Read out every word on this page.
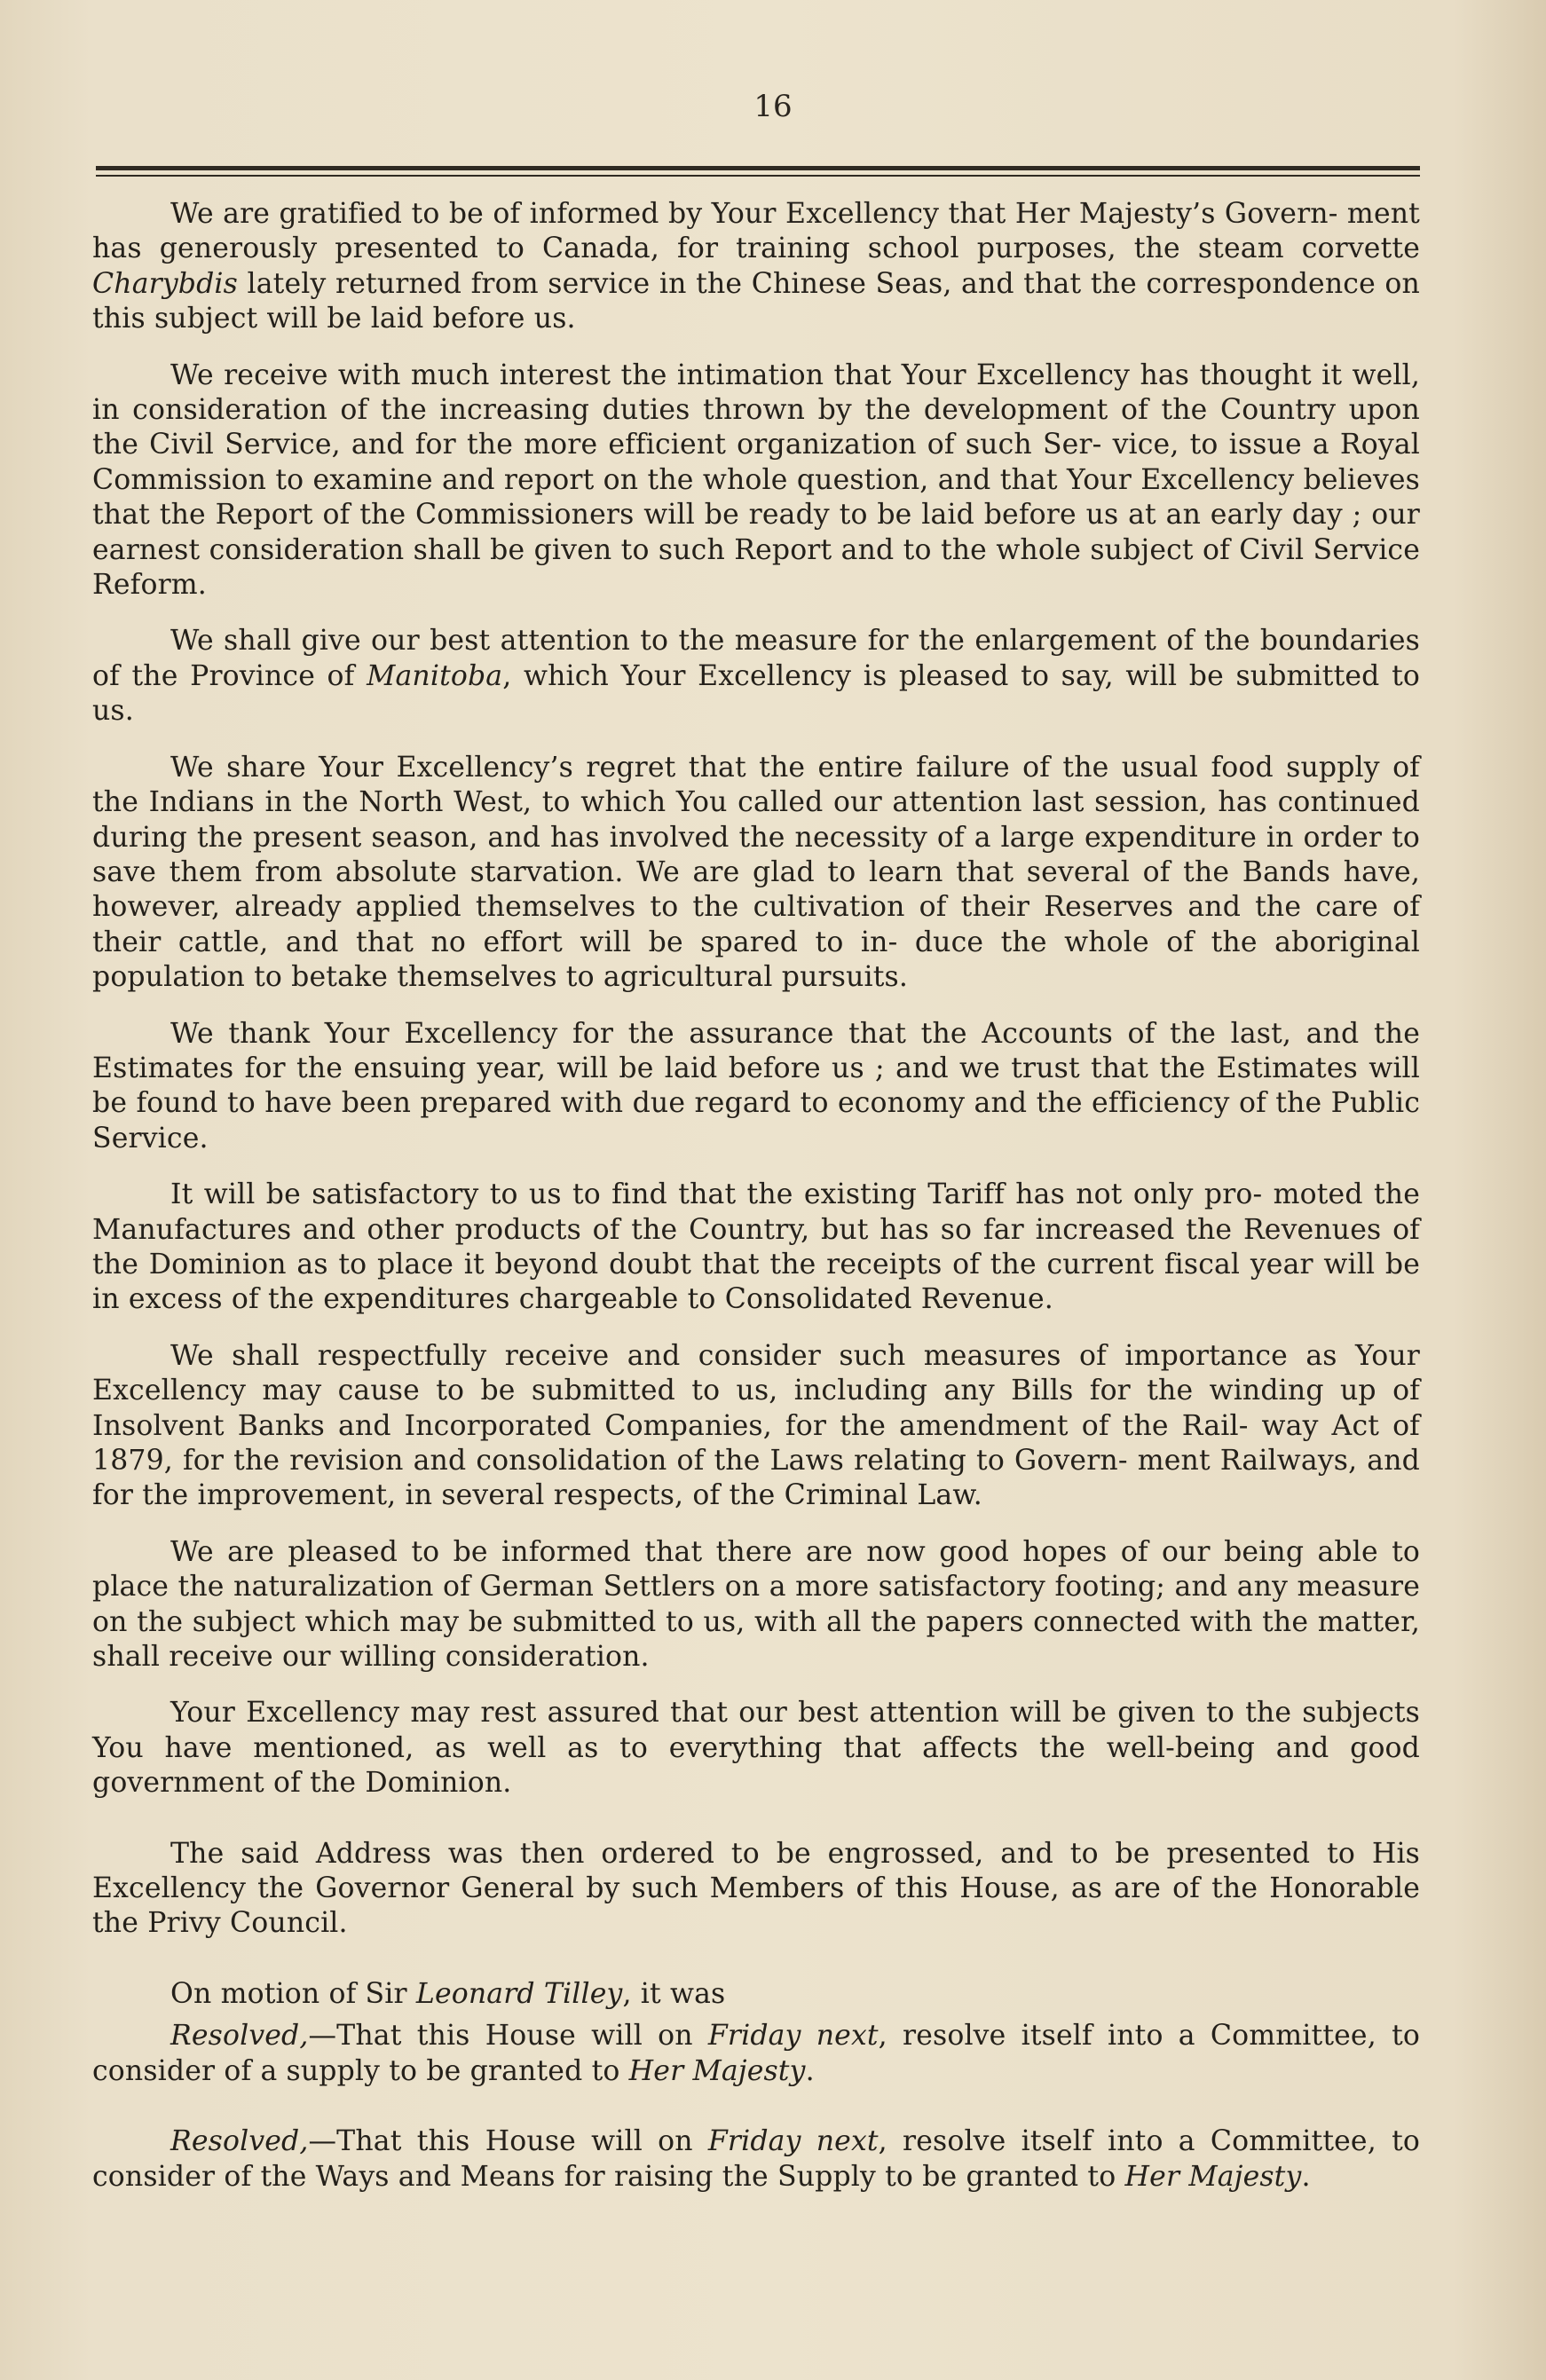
16

We are gratified to be of informed by Your Excellency that Her Majesty’s Govern- ment has generously presented to Canada, for training school purposes, the steam corvette Charybdis lately returned from service in the Chinese Seas, and that the correspondence on this subject will be laid before us.

We receive with much interest the intimation that Your Excellency has thought it well, in consideration of the increasing duties thrown by the development of the Country upon the Civil Service, and for the more efficient organization of such Ser- vice, to issue a Royal Commission to examine and report on the whole question, and that Your Excellency believes that the Report of the Commissioners will be ready to be laid before us at an early day ; our earnest consideration shall be given to such Report and to the whole subject of Civil Service Reform.

We shall give our best attention to the measure for the enlargement of the boundaries of the Province of Manitoba, which Your Excellency is pleased to say, will be submitted to us.

We share Your Excellency’s regret that the entire failure of the usual food supply of the Indians in the North West, to which You called our attention last session, has continued during the present season, and has involved the necessity of a large expenditure in order to save them from absolute starvation. We are glad to learn that several of the Bands have, however, already applied themselves to the cultivation of their Reserves and the care of their cattle, and that no effort will be spared to in- duce the whole of the aboriginal population to betake themselves to agricultural pursuits.

We thank Your Excellency for the assurance that the Accounts of the last, and the Estimates for the ensuing year, will be laid before us ; and we trust that the Estimates will be found to have been prepared with due regard to economy and the efficiency of the Public Service.

It will be satisfactory to us to find that the existing Tariff has not only pro- moted the Manufactures and other products of the Country, but has so far increased the Revenues of the Dominion as to place it beyond doubt that the receipts of the current fiscal year will be in excess of the expenditures chargeable to Consolidated Revenue.

We shall respectfully receive and consider such measures of importance as Your Excellency may cause to be submitted to us, including any Bills for the winding up of Insolvent Banks and Incorporated Companies, for the amendment of the Rail- way Act of 1879, for the revision and consolidation of the Laws relating to Govern- ment Railways, and for the improvement, in several respects, of the Criminal Law.

We are pleased to be informed that there are now good hopes of our being able to place the naturalization of German Settlers on a more satisfactory footing; and any measure on the subject which may be submitted to us, with all the papers connected with the matter, shall receive our willing consideration.

Your Excellency may rest assured that our best attention will be given to the subjects You have mentioned, as well as to everything that affects the well-being and good government of the Dominion.

The said Address was then ordered to be engrossed, and to be presented to His Excellency the Governor General by such Members of this House, as are of the Honorable the Privy Council.

On motion of Sir Leonard Tilley, it was

Resolved,—That this House will on Friday next, resolve itself into a Committee, to consider of a supply to be granted to Her Majesty.

Resolved,—That this House will on Friday next, resolve itself into a Committee, to consider of the Ways and Means for raising the Supply to be granted to Her Majesty.
